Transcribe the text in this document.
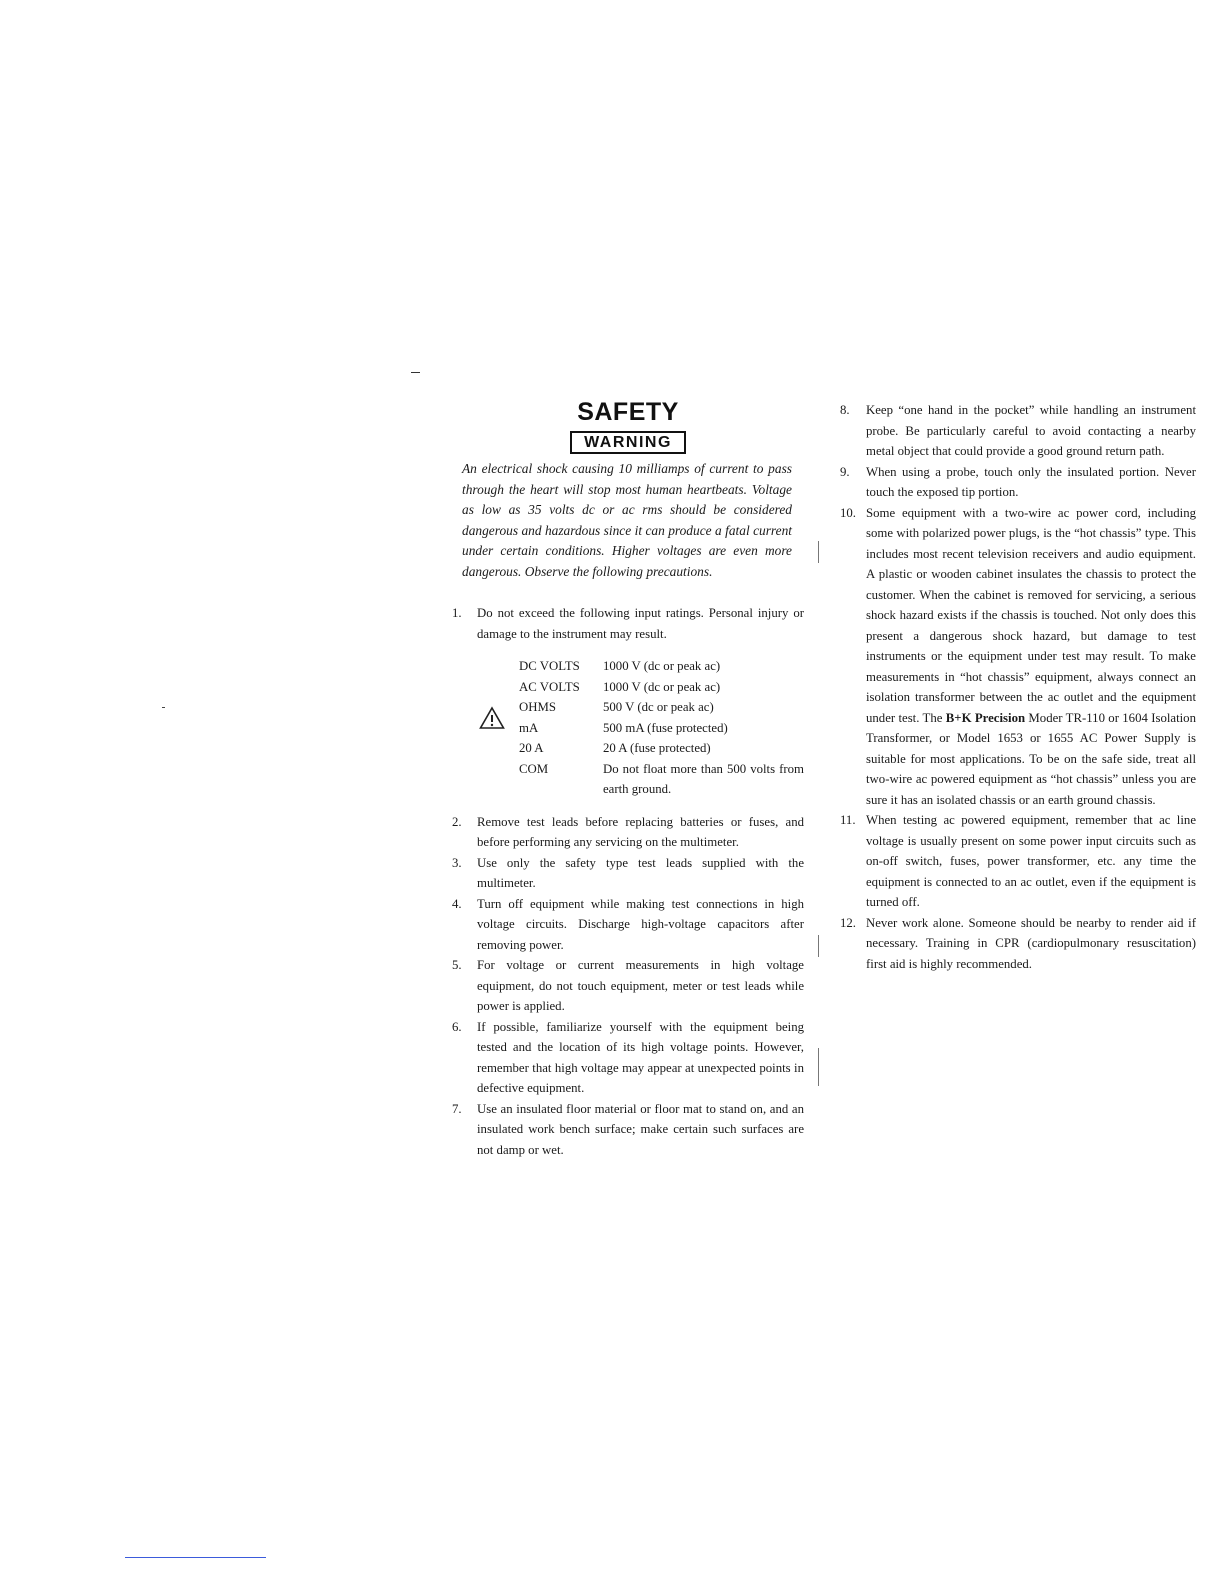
SAFETY
WARNING

An electrical shock causing 10 milliamps of current to pass through the heart will stop most human heartbeats. Voltage as low as 35 volts dc or ac rms should be considered dangerous and hazardous since it can produce a fatal current under certain conditions. Higher voltages are even more dangerous. Observe the following precautions.

1. Do not exceed the following input ratings. Personal injury or damage to the instrument may result.
DC VOLTS	1000 V (dc or peak ac)
AC VOLTS	1000 V (dc or peak ac)
OHMS	500 V (dc or peak ac)
mA	500 mA (fuse protected)
20 A	20 A (fuse protected)
COM	Do not float more than 500 volts from earth ground.
2. Remove test leads before replacing batteries or fuses, and before performing any servicing on the multimeter.
3. Use only the safety type test leads supplied with the multimeter.
4. Turn off equipment while making test connections in high voltage circuits. Discharge high-voltage capacitors after removing power.
5. For voltage or current measurements in high voltage equipment, do not touch equipment, meter or test leads while power is applied.
6. If possible, familiarize yourself with the equipment being tested and the location of its high voltage points. However, remember that high voltage may appear at unexpected points in defective equipment.
7. Use an insulated floor material or floor mat to stand on, and an insulated work bench surface; make certain such surfaces are not damp or wet.
8. Keep “one hand in the pocket” while handling an instrument probe. Be particularly careful to avoid contacting a nearby metal object that could provide a good ground return path.
9. When using a probe, touch only the insulated portion. Never touch the exposed tip portion.
10. Some equipment with a two-wire ac power cord, including some with polarized power plugs, is the “hot chassis” type. This includes most recent television receivers and audio equipment. A plastic or wooden cabinet insulates the chassis to protect the customer. When the cabinet is removed for servicing, a serious shock hazard exists if the chassis is touched. Not only does this present a dangerous shock hazard, but damage to test instruments or the equipment under test may result. To make measurements in “hot chassis” equipment, always connect an isolation transformer between the ac outlet and the equipment under test. The B+K Precision Moder TR-110 or 1604 Isolation Transformer, or Model 1653 or 1655 AC Power Supply is suitable for most applications. To be on the safe side, treat all two-wire ac powered equipment as “hot chassis” unless you are sure it has an isolated chassis or an earth ground chassis.
11. When testing ac powered equipment, remember that ac line voltage is usually present on some power input circuits such as on-off switch, fuses, power transformer, etc. any time the equipment is connected to an ac outlet, even if the equipment is turned off.
12. Never work alone. Someone should be nearby to render aid if necessary. Training in CPR (cardiopulmonary resuscitation) first aid is highly recommended.
